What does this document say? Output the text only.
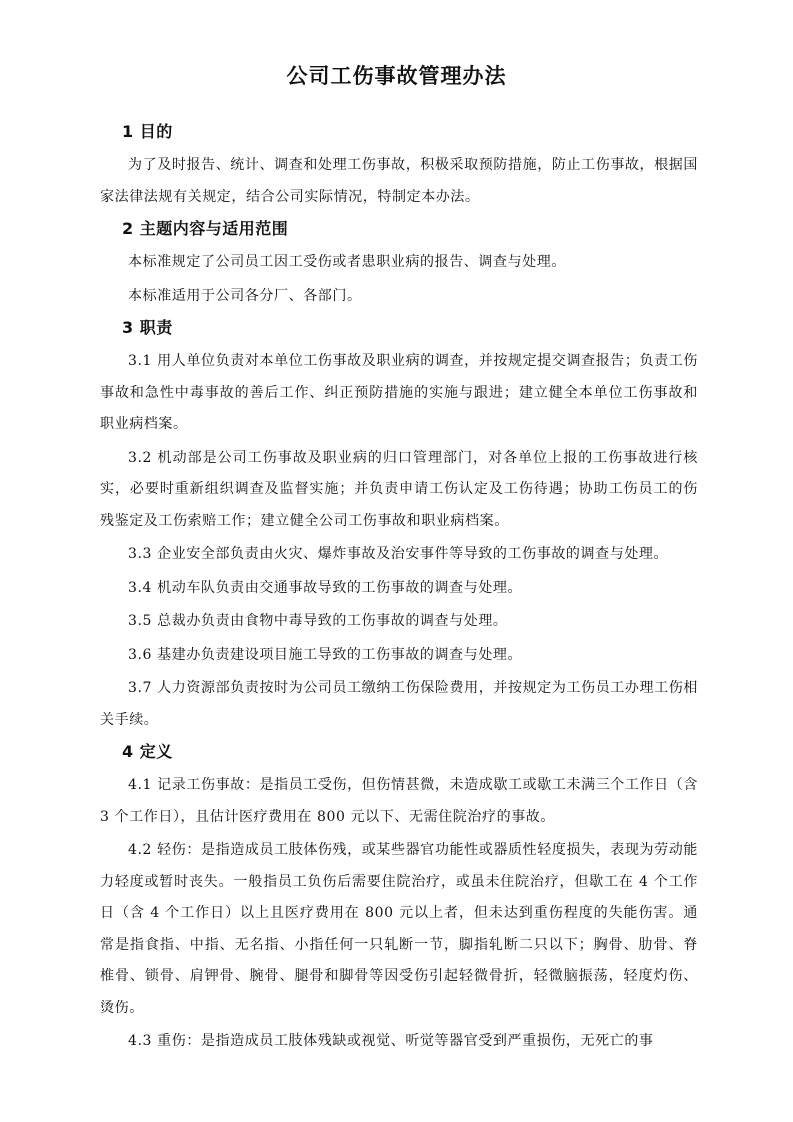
公司工伤事故管理办法
1 目的

为了及时报告、统计、调查和处理工伤事故，积极采取预防措施，防止工伤事故，根据国家法律法规有关规定，结合公司实际情况，特制定本办法。

2 主题内容与适用范围

本标准规定了公司员工因工受伤或者患职业病的报告、调查与处理。

本标准适用于公司各分厂、各部门。

3 职责

3.1 用人单位负责对本单位工伤事故及职业病的调查，并按规定提交调查报告；负责工伤事故和急性中毒事故的善后工作、纠正预防措施的实施与跟进；建立健全本单位工伤事故和职业病档案。

3.2 机动部是公司工伤事故及职业病的归口管理部门，对各单位上报的工伤事故进行核实，必要时重新组织调查及监督实施；并负责申请工伤认定及工伤待遇；协助工伤员工的伤残鉴定及工伤索赔工作；建立健全公司工伤事故和职业病档案。

3.3 企业安全部负责由火灾、爆炸事故及治安事件等导致的工伤事故的调查与处理。

3.4 机动车队负责由交通事故导致的工伤事故的调查与处理。

3.5 总裁办负责由食物中毒导致的工伤事故的调查与处理。

3.6 基建办负责建设项目施工导致的工伤事故的调查与处理。

3.7 人力资源部负责按时为公司员工缴纳工伤保险费用，并按规定为工伤员工办理工伤相关手续。

4 定义

4.1 记录工伤事故：是指员工受伤，但伤情甚微，未造成歇工或歇工未满三个工作日（含 3 个工作日），且估计医疗费用在 800 元以下、无需住院治疗的事故。

4.2 轻伤：是指造成员工肢体伤残，或某些器官功能性或器质性轻度损失，表现为劳动能力轻度或暂时丧失。一般指员工负伤后需要住院治疗，或虽未住院治疗，但歇工在 4 个工作日（含 4 个工作日）以上且医疗费用在 800 元以上者，但未达到重伤程度的失能伤害。通常是指食指、中指、无名指、小指任何一只轧断一节，脚指轧断二只以下；胸骨、肋骨、脊椎骨、锁骨、肩钾骨、腕骨、腿骨和脚骨等因受伤引起轻微骨折，轻微脑振荡，轻度灼伤、烫伤。

4.3 重伤：是指造成员工肢体残缺或视觉、听觉等器官受到严重损伤，无死亡的事
